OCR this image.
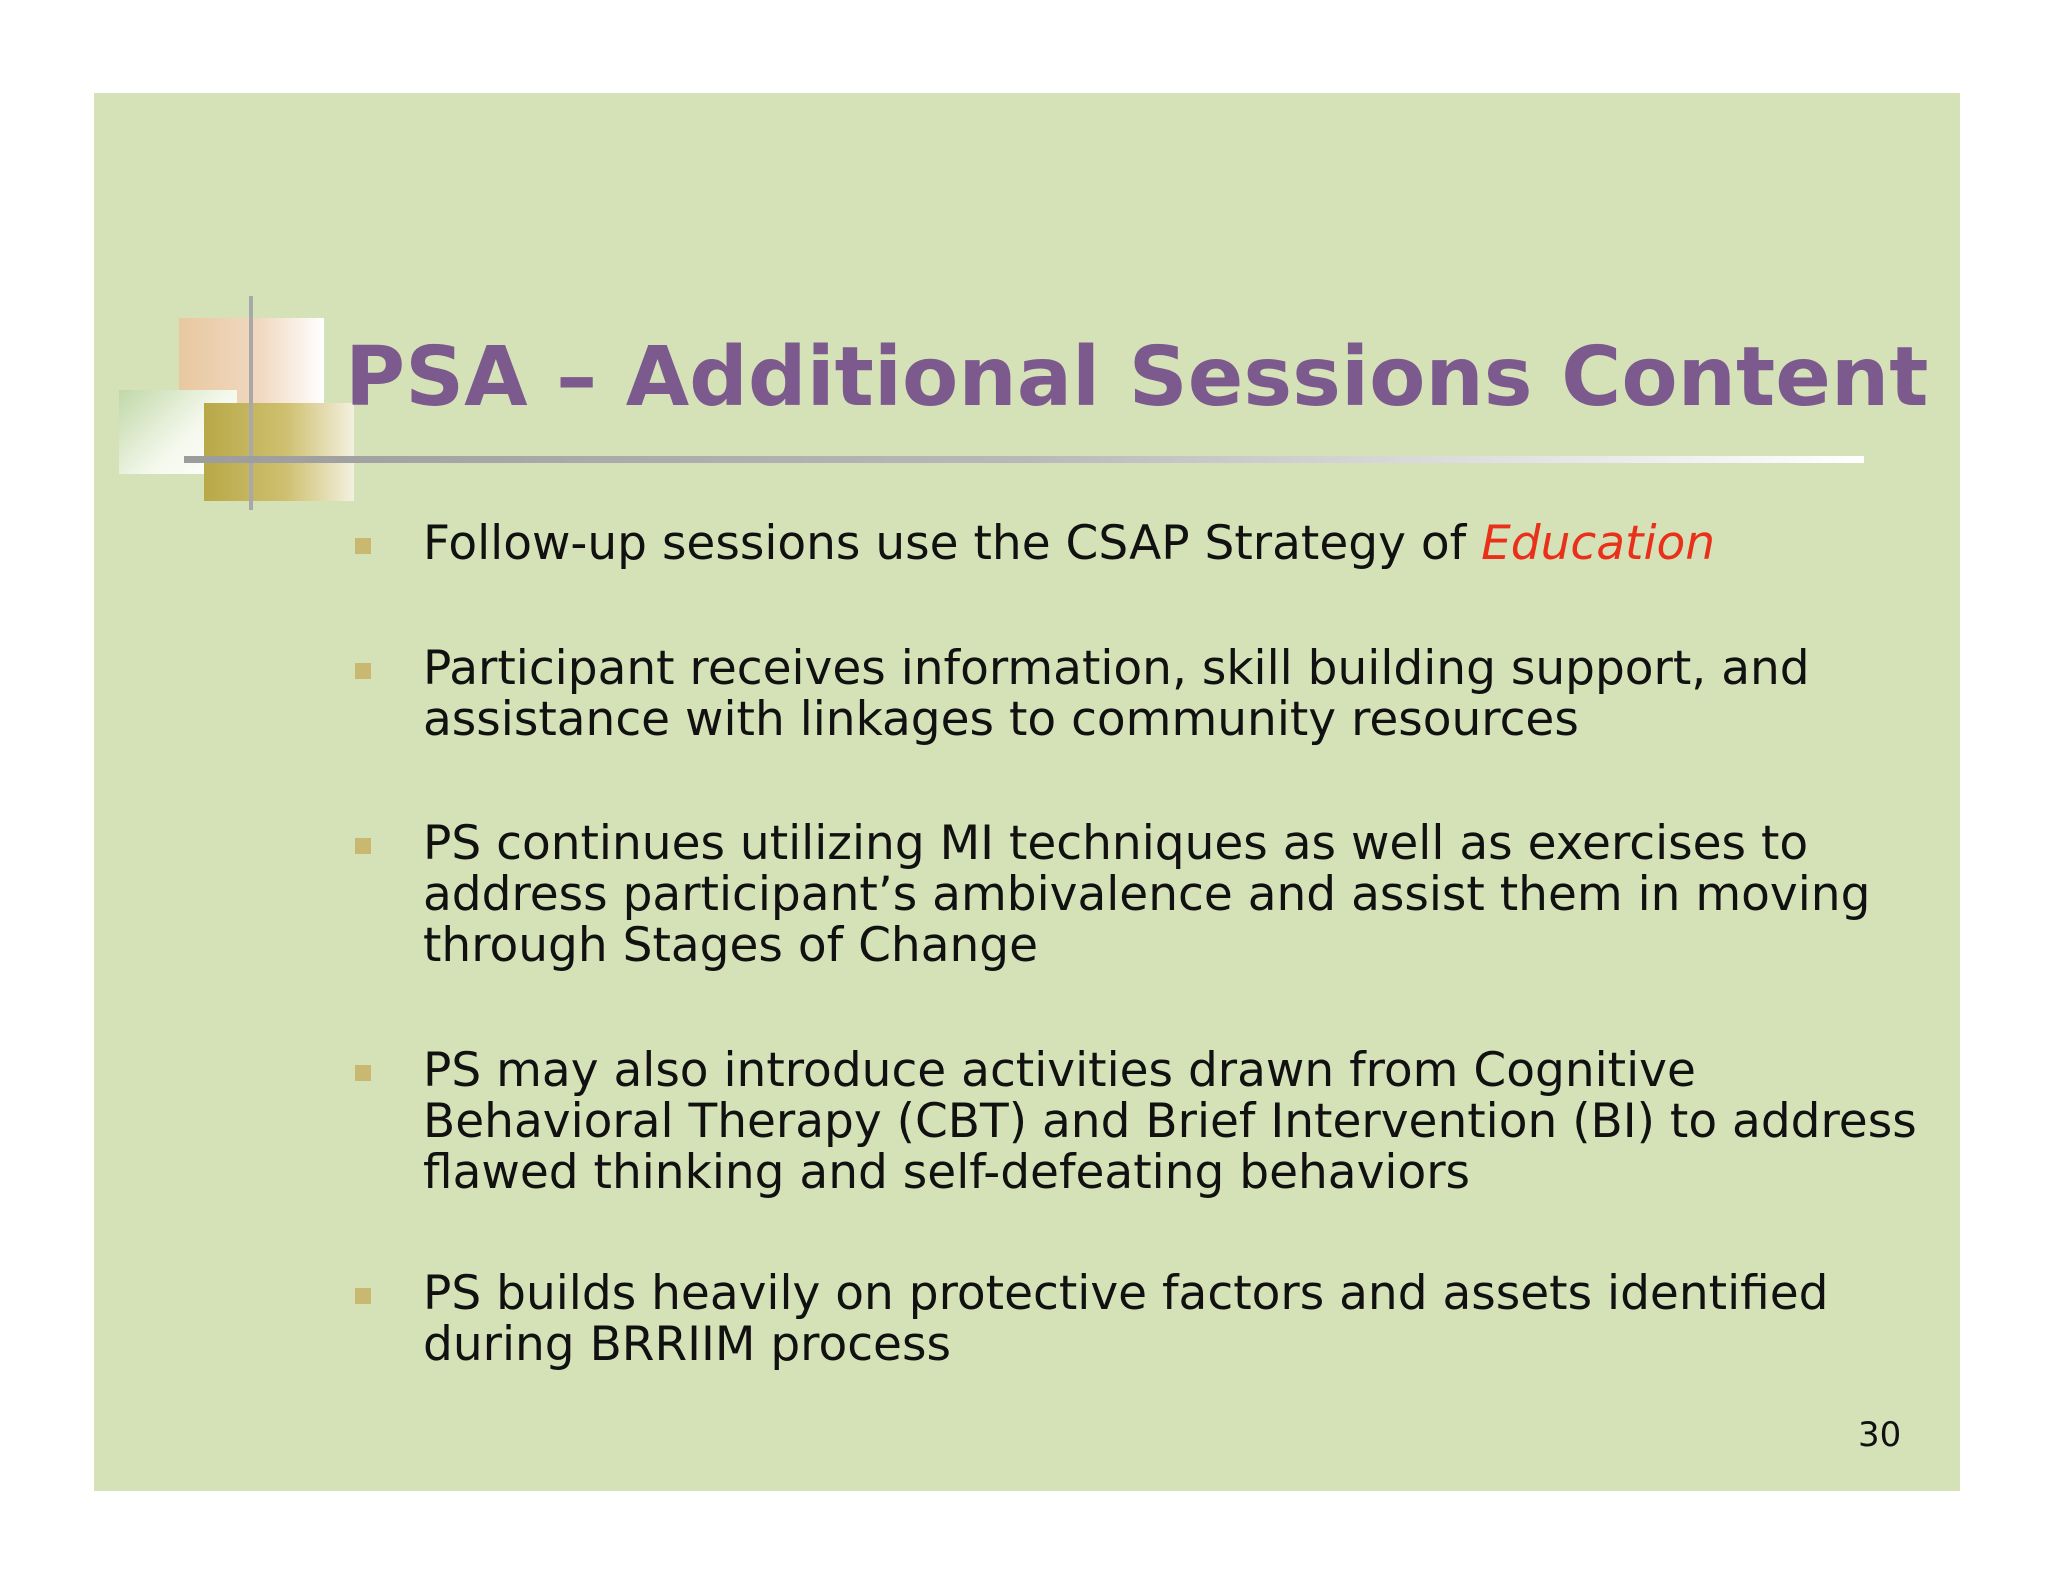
PSA – Additional Sessions Content
Follow-up sessions use the CSAP Strategy of Education
Participant receives information, skill building support, and
assistance with linkages to community resources
PS continues utilizing MI techniques as well as exercises to
address participant’s ambivalence and assist them in moving
through Stages of Change
PS may also introduce activities drawn from Cognitive
Behavioral Therapy (CBT) and Brief Intervention (BI) to address
flawed thinking and self-defeating behaviors
PS builds heavily on protective factors and assets identified
during BRRIIM process
30
